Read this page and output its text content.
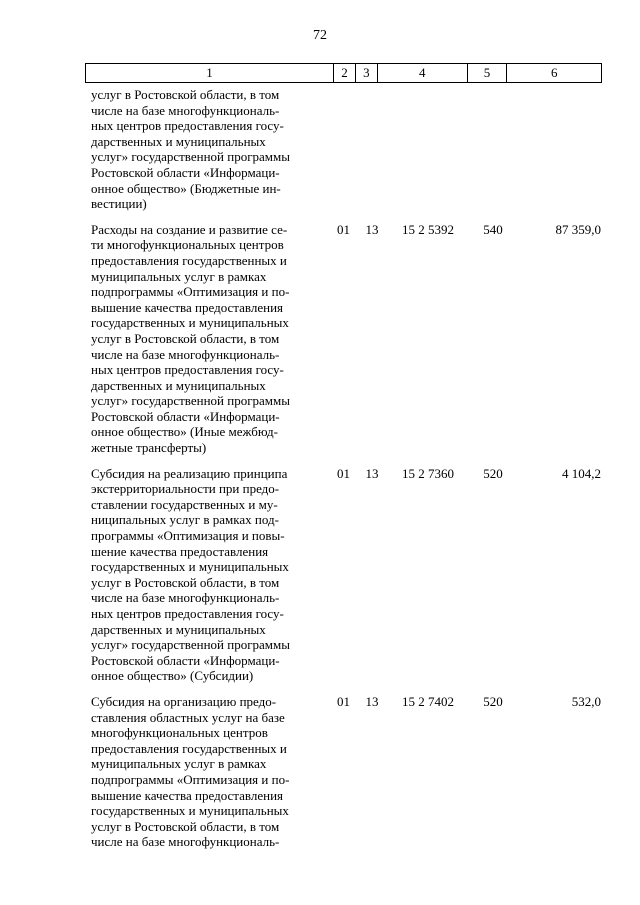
72
1	2	3	4	5	6
услуг в Ростовской области, в том
числе на базе многофункциональ-
ных центров предоставления госу-
дарственных и муниципальных
услуг» государственной программы
Ростовской области «Информаци-
онное общество» (Бюджетные ин-
вестиции)
Расходы на создание и развитие се-
ти многофункциональных центров
предоставления государственных и
муниципальных услуг в рамках
подпрограммы «Оптимизация и по-
вышение качества предоставления
государственных и муниципальных
услуг в Ростовской области, в том
числе на базе многофункциональ-
ных центров предоставления госу-
дарственных и муниципальных
услуг» государственной программы
Ростовской области «Информаци-
онное общество» (Иные межбюд-
жетные трансферты)
01	13	15 2 5392	540	87 359,0
Субсидия на реализацию принципа
экстерриториальности при предо-
ставлении государственных и му-
ниципальных услуг в рамках под-
программы «Оптимизация и повы-
шение качества предоставления
государственных и муниципальных
услуг в Ростовской области, в том
числе на базе многофункциональ-
ных центров предоставления госу-
дарственных и муниципальных
услуг» государственной программы
Ростовской области «Информаци-
онное общество» (Субсидии)
01	13	15 2 7360	520	4 104,2
Субсидия на организацию предо-
ставления областных услуг на базе
многофункциональных центров
предоставления государственных и
муниципальных услуг в рамках
подпрограммы «Оптимизация и по-
вышение качества предоставления
государственных и муниципальных
услуг в Ростовской области, в том
числе на базе многофункциональ-
01	13	15 2 7402	520	532,0
